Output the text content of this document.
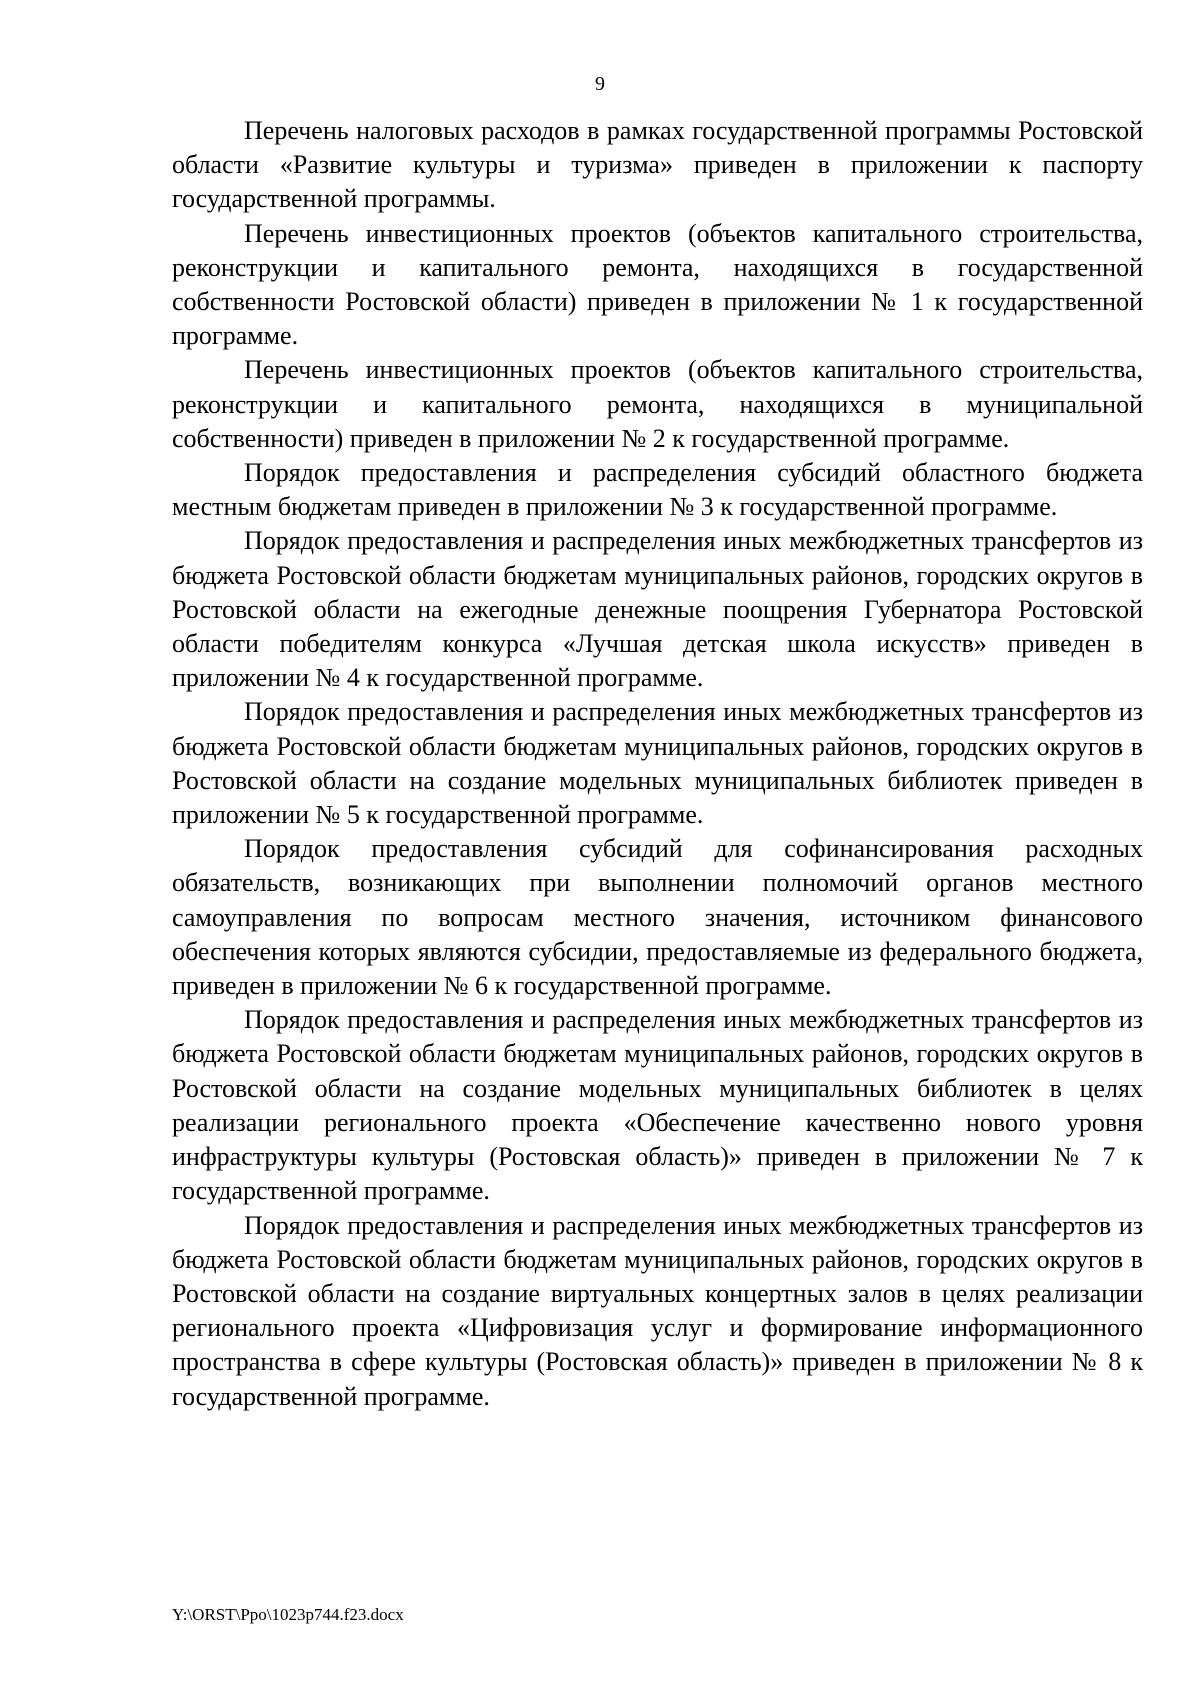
9

Перечень налоговых расходов в рамках государственной программы Ростовской области «Развитие культуры и туризма» приведен в приложении к паспорту государственной программы.

Перечень инвестиционных проектов (объектов капитального строительства, реконструкции и капитального ремонта, находящихся в государственной собственности Ростовской области) приведен в приложении № 1 к государственной программе.

Перечень инвестиционных проектов (объектов капитального строительства, реконструкции и капитального ремонта, находящихся в муниципальной собственности) приведен в приложении № 2 к государственной программе.

Порядок предоставления и распределения субсидий областного бюджета местным бюджетам приведен в приложении № 3 к государственной программе.

Порядок предоставления и распределения иных межбюджетных трансфертов из бюджета Ростовской области бюджетам муниципальных районов, городских округов в Ростовской области на ежегодные денежные поощрения Губернатора Ростовской области победителям конкурса «Лучшая детская школа искусств» приведен в приложении № 4 к государственной программе.

Порядок предоставления и распределения иных межбюджетных трансфертов из бюджета Ростовской области бюджетам муниципальных районов, городских округов в Ростовской области на создание модельных муниципальных библиотек приведен в приложении № 5 к государственной программе.

Порядок предоставления субсидий для софинансирования расходных обязательств, возникающих при выполнении полномочий органов местного самоуправления по вопросам местного значения, источником финансового обеспечения которых являются субсидии, предоставляемые из федерального бюджета, приведен в приложении № 6 к государственной программе.

Порядок предоставления и распределения иных межбюджетных трансфертов из бюджета Ростовской области бюджетам муниципальных районов, городских округов в Ростовской области на создание модельных муниципальных библиотек в целях реализации регионального проекта «Обеспечение качественно нового уровня инфраструктуры культуры (Ростовская область)» приведен в приложении № 7 к государственной программе.

Порядок предоставления и распределения иных межбюджетных трансфертов из бюджета Ростовской области бюджетам муниципальных районов, городских округов в Ростовской области на создание виртуальных концертных залов в целях реализации регионального проекта «Цифровизация услуг и формирование информационного пространства в сфере культуры (Ростовская область)» приведен в приложении № 8 к государственной программе.

Y:\ORST\Ppo\1023p744.f23.docx
